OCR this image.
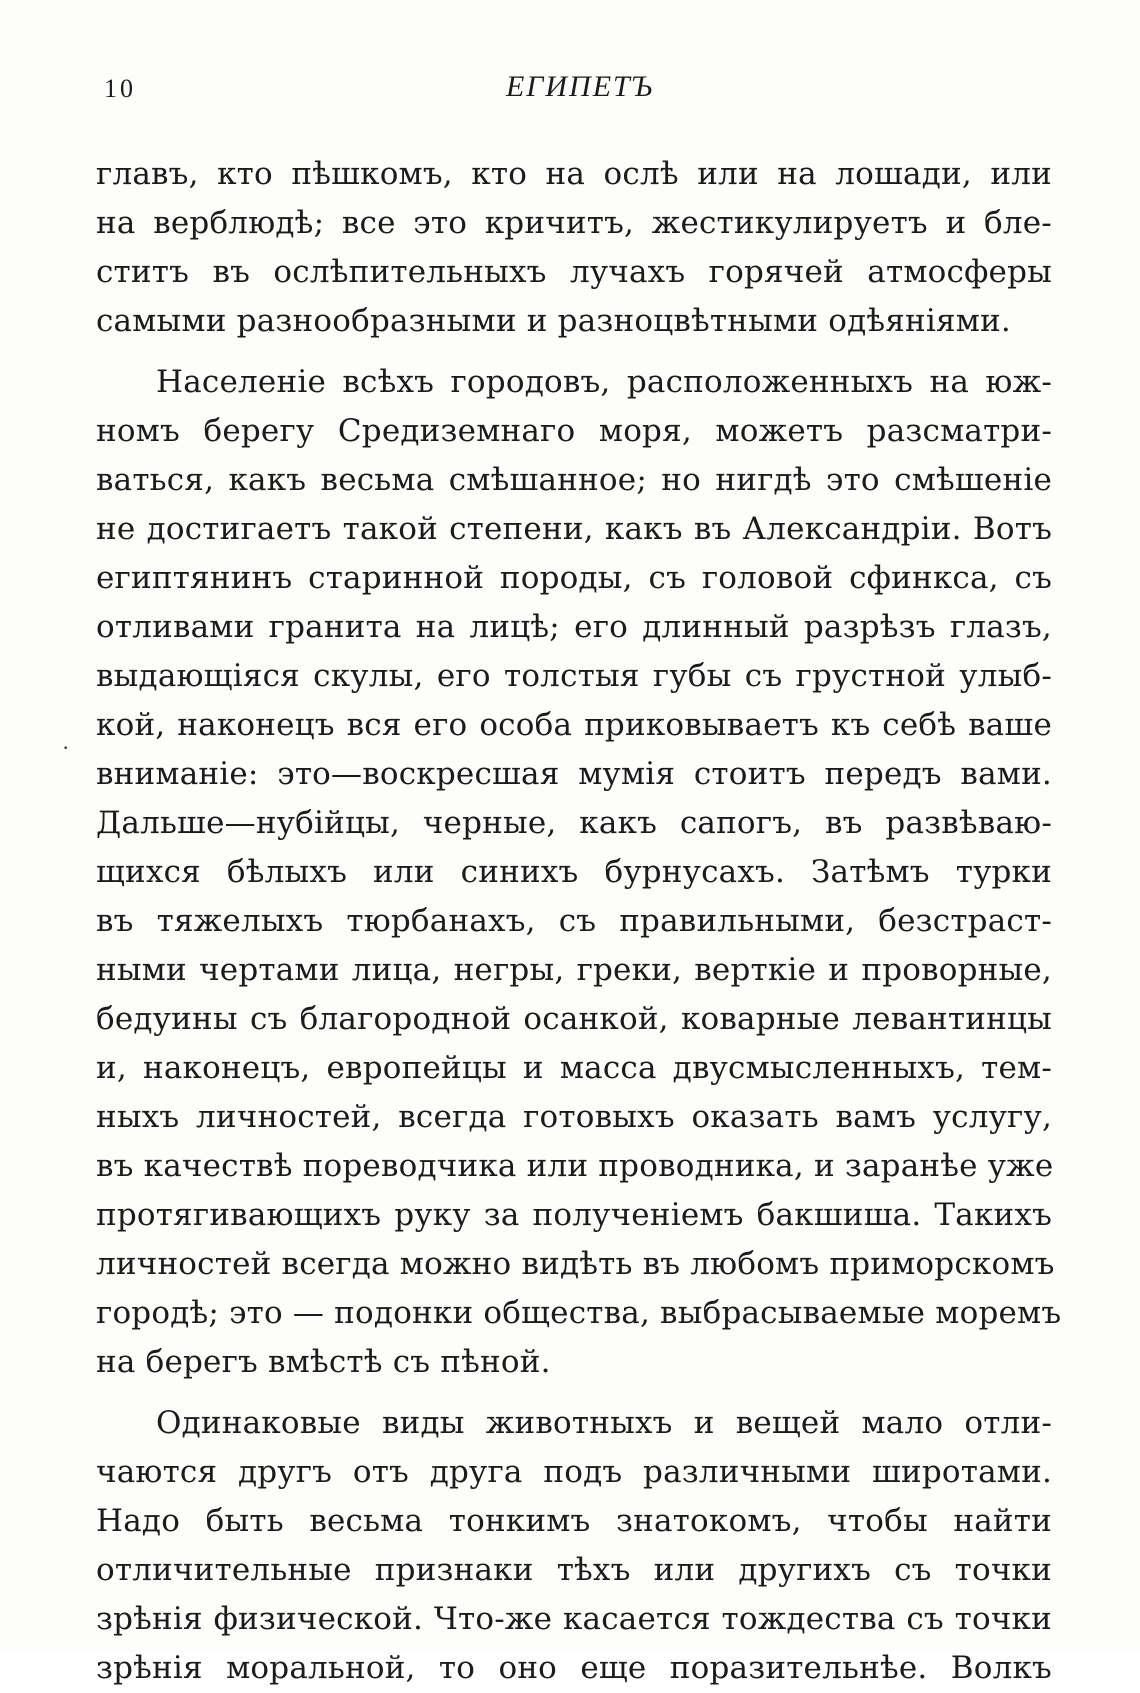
10	ЕГИПЕТЪ
·
главъ, кто пѣшкомъ, кто на ослѣ или на лошади, или
на верблюдѣ; все это кричитъ, жестикулируетъ и бле-
ститъ въ ослѣпительныхъ лучахъ горячей атмосферы
самыми разнообразными и разноцвѣтными одѣяніями.
Населеніе всѣхъ городовъ, расположенныхъ на юж-
номъ берегу Средиземнаго моря, можетъ разсматри-
ваться, какъ весьма смѣшанное; но нигдѣ это смѣшеніе
не достигаетъ такой степени, какъ въ Александріи. Вотъ
египтянинъ старинной породы, съ головой сфинкса, съ
отливами гранита на лицѣ; его длинный разрѣзъ глазъ,
выдающіяся скулы, его толстыя губы съ грустной улыб-
кой, наконецъ вся его особа приковываетъ къ себѣ ваше
вниманіе: это—воскресшая мумія стоитъ передъ вами.
Дальше—нубійцы, черные, какъ сапогъ, въ развѣваю-
щихся бѣлыхъ или синихъ бурнусахъ. Затѣмъ турки
въ тяжелыхъ тюрбанахъ, съ правильными, безстраст-
ными чертами лица, негры, греки, верткіе и проворные,
бедуины съ благородной осанкой, коварные левантинцы
и, наконецъ, европейцы и масса двусмысленныхъ, тем-
ныхъ личностей, всегда готовыхъ оказать вамъ услугу,
въ качествѣ пореводчика или проводника, и заранѣе уже
протягивающихъ руку за полученіемъ бакшиша. Такихъ
личностей всегда можно видѣть въ любомъ приморскомъ
городѣ; это — подонки общества, выбрасываемые моремъ
на берегъ вмѣстѣ съ пѣной.
Одинаковые виды животныхъ и вещей мало отли-
чаются другъ отъ друга подъ различными широтами.
Надо быть весьма тонкимъ знатокомъ, чтобы найти
отличительные признаки тѣхъ или другихъ съ точки
зрѣнія физической. Что-же касается тождества съ точки
зрѣнія моральной, то оно еще поразительнѣе. Волкъ
